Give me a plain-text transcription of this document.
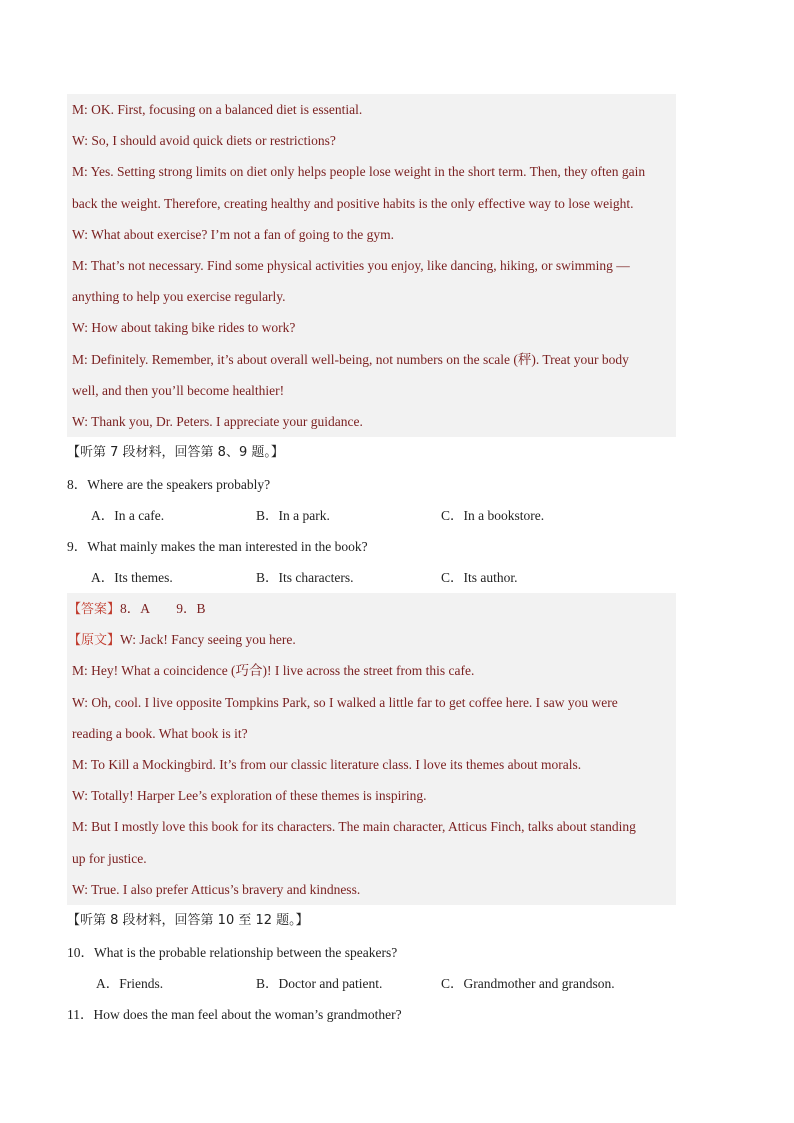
M: OK. First, focusing on a balanced diet is essential.
W: So, I should avoid quick diets or restrictions?
M: Yes. Setting strong limits on diet only helps people lose weight in the short term. Then, they often gain
back the weight. Therefore, creating healthy and positive habits is the only effective way to lose weight.
W: What about exercise? I’m not a fan of going to the gym.
M: That’s not necessary. Find some physical activities you enjoy, like dancing, hiking, or swimming —
anything to help you exercise regularly.
W: How about taking bike rides to work?
M: Definitely. Remember, it’s about overall well-being, not numbers on the scale (秤). Treat your body
well, and then you’ll become healthier!
W: Thank you, Dr. Peters. I appreciate your guidance.
【听第 7 段材料，回答第 8、9 题。】
8．Where are the speakers probably?
A．In a cafe.	B．In a park.	C．In a bookstore.
9．What mainly makes the man interested in the book?
A．Its themes.	B．Its characters.	C．Its author.
【答案】8．A　　9．B
【原文】W: Jack! Fancy seeing you here.
M: Hey! What a coincidence (巧合)! I live across the street from this cafe.
W: Oh, cool. I live opposite Tompkins Park, so I walked a little far to get coffee here. I saw you were
reading a book. What book is it?
M: To Kill a Mockingbird. It’s from our classic literature class. I love its themes about morals.
W: Totally! Harper Lee’s exploration of these themes is inspiring.
M: But I mostly love this book for its characters. The main character, Atticus Finch, talks about standing
up for justice.
W: True. I also prefer Atticus’s bravery and kindness.
【听第 8 段材料，回答第 10 至 12 题。】
10．What is the probable relationship between the speakers?
A．Friends.	B．Doctor and patient.	C．Grandmother and grandson.
11．How does the man feel about the woman’s grandmother?
